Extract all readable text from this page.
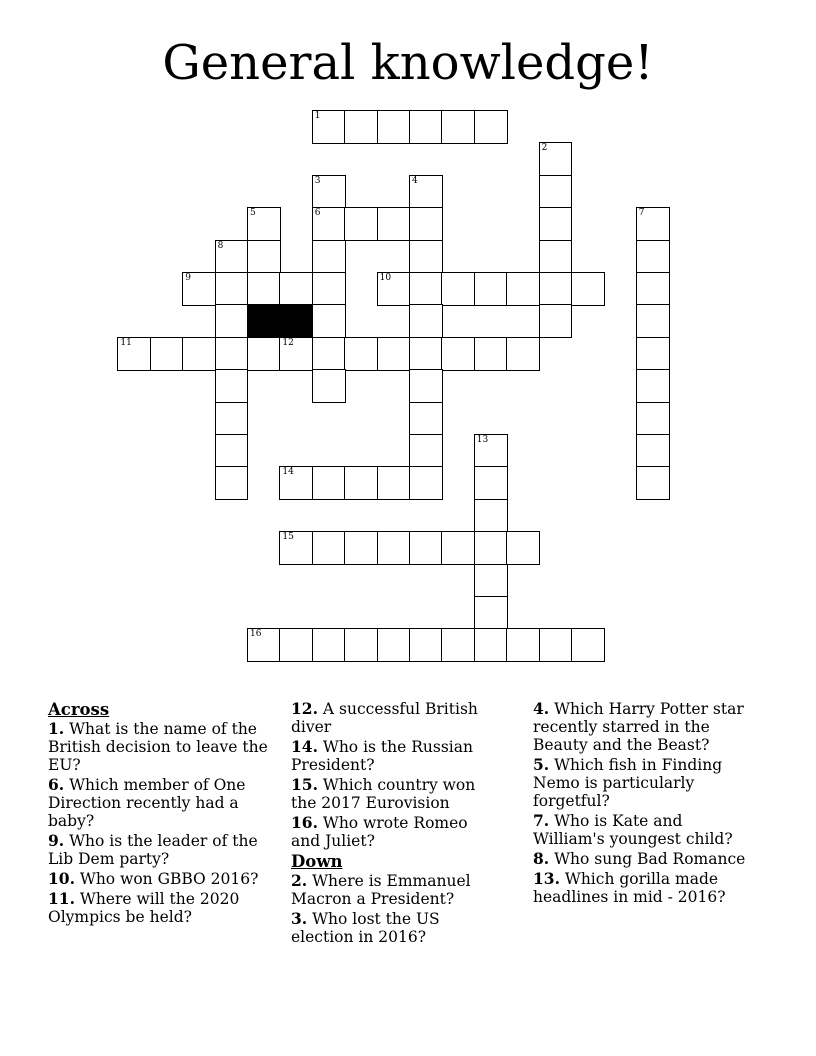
General knowledge!
1
2
3	4
5	6	7
8
9	10
11	12
13
14
15
16
Across
1. What is the name of the British decision to leave the EU?
6. Which member of One Direction recently had a baby?
9. Who is the leader of the Lib Dem party?
10. Who won GBBO 2016?
11. Where will the 2020 Olympics be held?
12. A successful British diver
14. Who is the Russian President?
15. Which country won the 2017 Eurovision
16. Who wrote Romeo and Juliet?
Down
2. Where is Emmanuel Macron a President?
3. Who lost the US election in 2016?
4. Which Harry Potter star recently starred in the Beauty and the Beast?
5. Which fish in Finding Nemo is particularly forgetful?
7. Who is Kate and William's youngest child?
8. Who sung Bad Romance
13. Which gorilla made headlines in mid - 2016?
